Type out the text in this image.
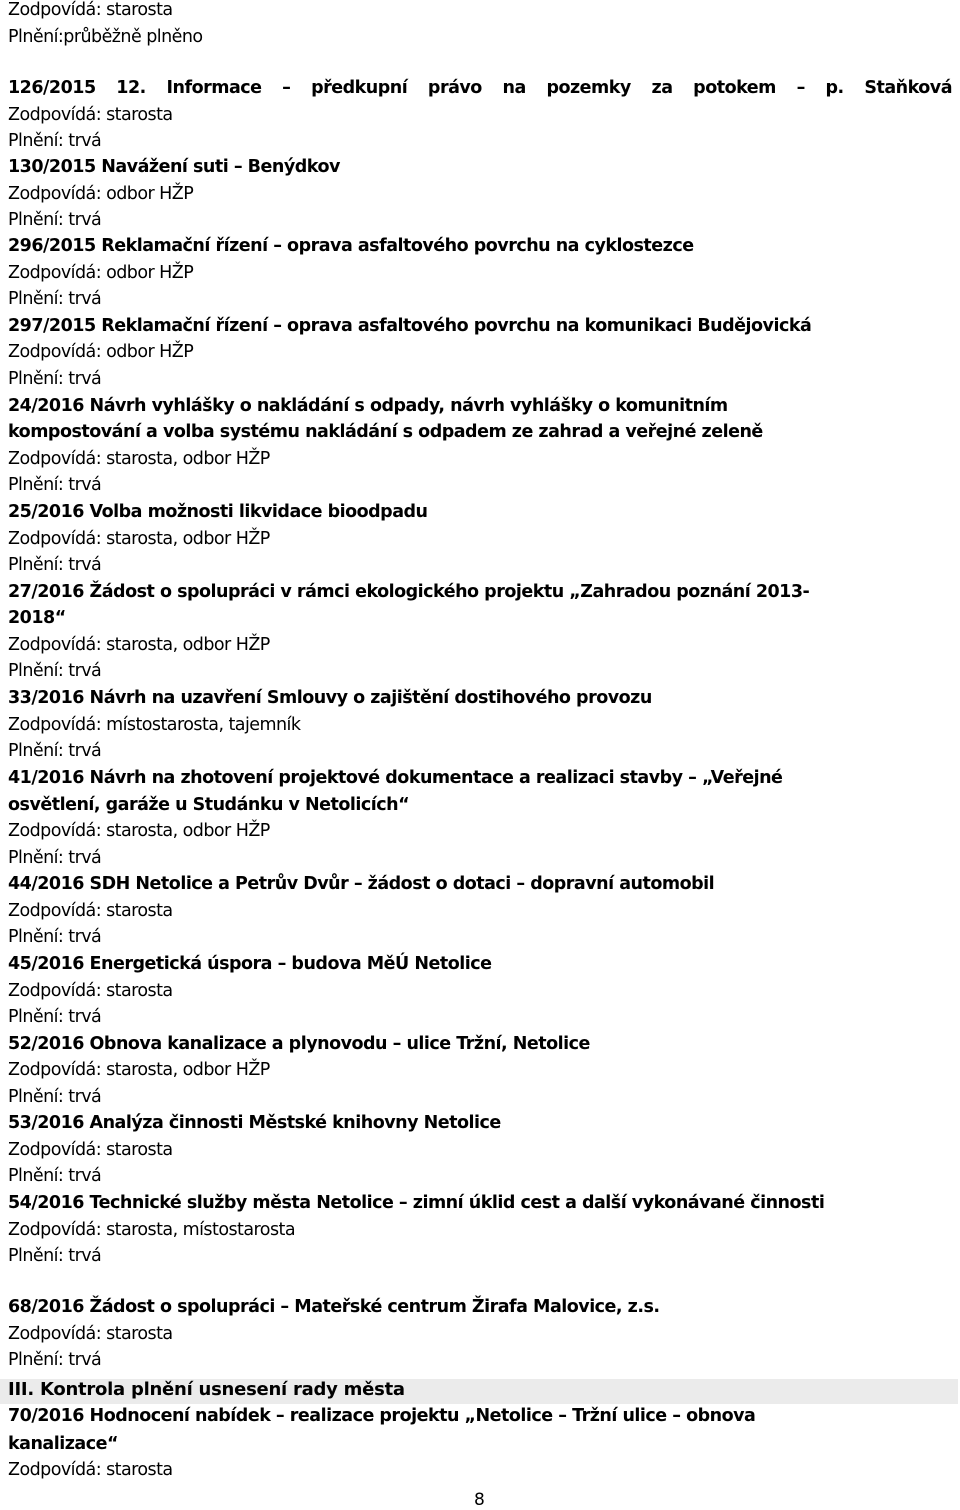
Zodpovídá: starosta
Plnění:průběžně plněno
126/2015 12. Informace – předkupní právo na pozemky za potokem – p. Staňková
Zodpovídá: starosta
Plnění: trvá
130/2015 Navážení suti – Benýdkov
Zodpovídá: odbor HŽP
Plnění: trvá
296/2015 Reklamační řízení – oprava asfaltového povrchu na cyklostezce
Zodpovídá: odbor HŽP
Plnění: trvá
297/2015 Reklamační řízení – oprava asfaltového povrchu na komunikaci Budějovická
Zodpovídá: odbor HŽP
Plnění: trvá
24/2016 Návrh vyhlášky o nakládání s odpady, návrh vyhlášky o komunitním
kompostování a volba systému nakládání s odpadem ze zahrad a veřejné zeleně
Zodpovídá: starosta, odbor HŽP
Plnění: trvá
25/2016 Volba možnosti likvidace bioodpadu
Zodpovídá: starosta, odbor HŽP
Plnění: trvá
27/2016 Žádost o spolupráci v rámci ekologického projektu „Zahradou poznání 2013-
2018“
Zodpovídá: starosta, odbor HŽP
Plnění: trvá
33/2016 Návrh na uzavření Smlouvy o zajištění dostihového provozu
Zodpovídá: místostarosta, tajemník
Plnění: trvá
41/2016 Návrh na zhotovení projektové dokumentace a realizaci stavby – „Veřejné
osvětlení, garáže u Studánku v Netolicích“
Zodpovídá: starosta, odbor HŽP
Plnění: trvá
44/2016 SDH Netolice a Petrův Dvůr – žádost o dotaci – dopravní automobil
Zodpovídá: starosta
Plnění: trvá
45/2016 Energetická úspora – budova MěÚ Netolice
Zodpovídá: starosta
Plnění: trvá
52/2016 Obnova kanalizace a plynovodu – ulice Tržní, Netolice
Zodpovídá: starosta, odbor HŽP
Plnění: trvá
53/2016 Analýza činnosti Městské knihovny Netolice
Zodpovídá: starosta
Plnění: trvá
54/2016 Technické služby města Netolice – zimní úklid cest a další vykonávané činnosti
Zodpovídá: starosta, místostarosta
Plnění: trvá
68/2016 Žádost o spolupráci – Mateřské centrum Žirafa Malovice, z.s.
Zodpovídá: starosta
Plnění: trvá
III. Kontrola plnění usnesení rady města
70/2016 Hodnocení nabídek – realizace projektu „Netolice – Tržní ulice – obnova
kanalizace“
Zodpovídá: starosta
8
